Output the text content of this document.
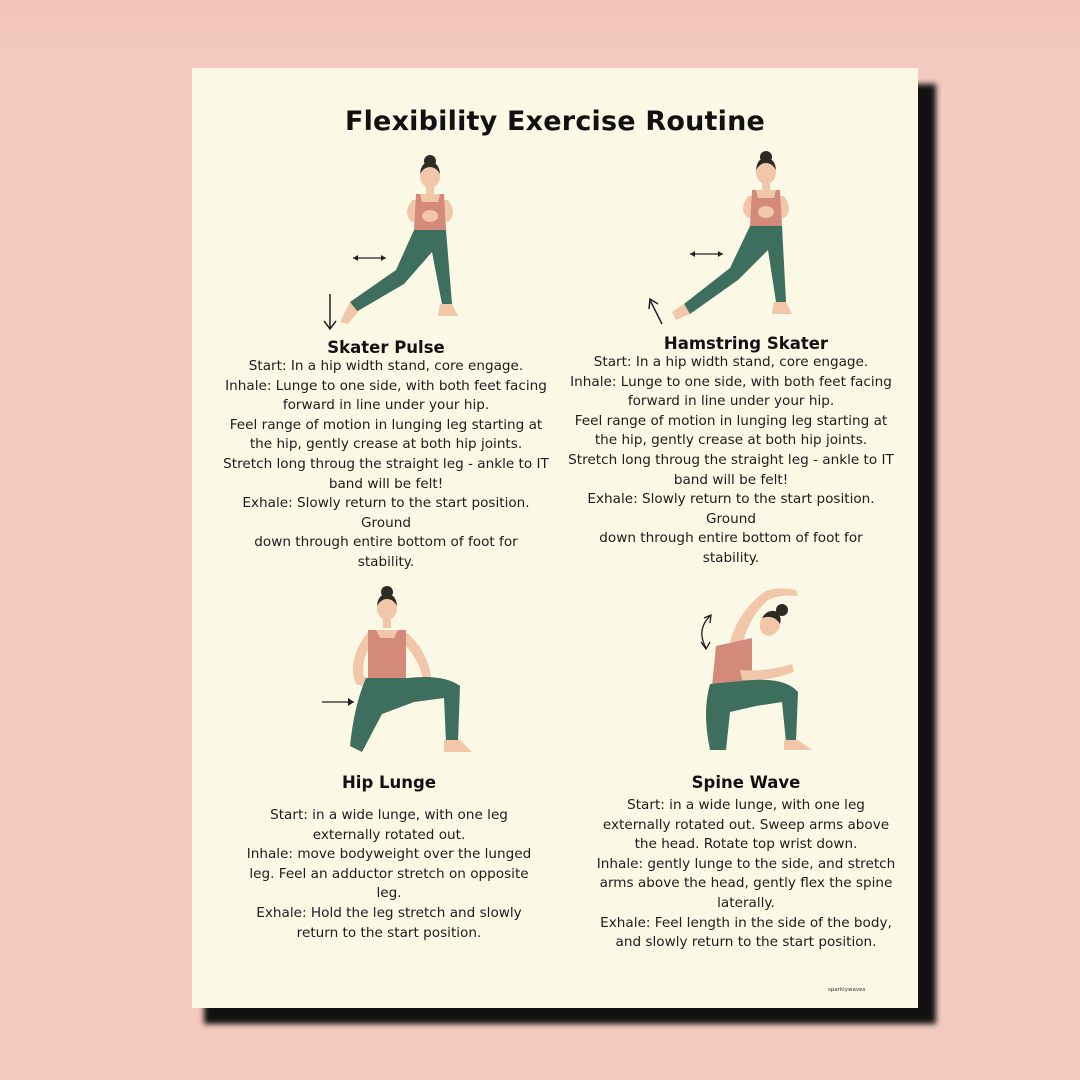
Flexibility Exercise Routine
Skater Pulse
Start: In a hip width stand, core engage.
Inhale: Lunge to one side, with both feet facing
forward in line under your hip.
Feel range of motion in lunging leg starting at
the hip, gently crease at both hip joints.
Stretch long throug the straight leg - ankle to IT
band will be felt!
Exhale: Slowly return to the start position.
Ground
down through entire bottom of foot for
stability.
Hamstring Skater
Start: In a hip width stand, core engage.
Inhale: Lunge to one side, with both feet facing
forward in line under your hip.
Feel range of motion in lunging leg starting at
the hip, gently crease at both hip joints.
Stretch long throug the straight leg - ankle to IT
band will be felt!
Exhale: Slowly return to the start position.
Ground
down through entire bottom of foot for
stability.
Hip Lunge
Start: in a wide lunge, with one leg
externally rotated out.
Inhale: move bodyweight over the lunged
leg. Feel an adductor stretch on opposite
leg.
Exhale: Hold the leg stretch and slowly
return to the start position.
Spine Wave
Start: in a wide lunge, with one leg
externally rotated out. Sweep arms above
the head. Rotate top wrist down.
Inhale: gently lunge to the side, and stretch
arms above the head, gently flex the spine
laterally.
Exhale: Feel length in the side of the body,
and slowly return to the start position.
sparklywaves
